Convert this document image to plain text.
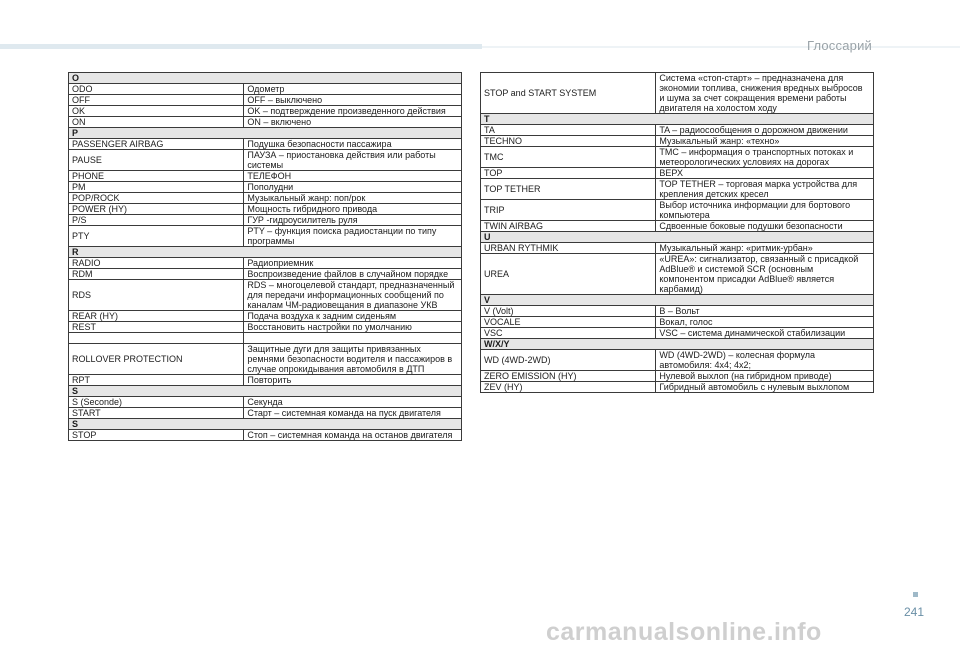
Глоссарий
O	
ODO	Одометр
OFF	OFF – выключено
OK	OK – подтверждение произведенного действия
ON	ON – включено
P	
PASSENGER AIRBAG	Подушка безопасности пассажира
PAUSE	ПАУЗА – приостановка действия или работы системы
PHONE	ТЕЛЕФОН
PM	Пополудни
POP/ROCK	Музыкальный жанр: поп/рок
POWER (HY)	Мощность гибридного привода
P/S	ГУР -гидроусилитель руля
PTY	PTY – функция поиска радиостанции по типу программы
R	
RADIO	Радиоприемник
RDM	Воспроизведение файлов в случайном порядке
RDS	RDS – многоцелевой стандарт, предназначенный для передачи информационных сообщений по каналам ЧМ-радиовещания в диапазоне УКВ
REAR (HY)	Подача воздуха к задним сиденьям
REST	Восстановить настройки по умолчанию

ROLLOVER PROTECTION	Защитные дуги для защиты привязанных ремнями безопасности водителя и пассажиров в случае опрокидывания автомобиля в ДТП
RPT	Повторить
S	
S (Seconde)	Секунда
START	Старт – системная команда на пуск двигателя
S	
STOP	Стоп – системная команда на останов двигателя
STOP and START SYSTEM	Система «стоп-старт» – предназначена для экономии топлива, снижения вредных выбросов и шума за счет сокращения времени работы двигателя на холостом ходу
T	
TA	TA – радиосообщения о дорожном движении
TECHNO	Музыкальный жанр: «техно»
TMC	TMC – информация о транспортных потоках и метеорологических условиях на дорогах
TOP	ВЕРХ
TOP TETHER	TOP TETHER – торговая марка устройства для крепления детских кресел
TRIP	Выбор источника информации для бортового компьютера
TWIN AIRBAG	Сдвоенные боковые подушки безопасности
U	
URBAN RYTHMIK	Музыкальный жанр: «ритмик-урбан»
UREA	«UREA»: сигнализатор, связанный с присадкой AdBlue® и системой SCR (основным компонентом присадки AdBlue® является карбамид)
V	
V (Volt)	В – Вольт
VOCALE	Вокал, голос
VSC	VSC – система динамической стабилизации
W/X/Y	
WD (4WD-2WD)	WD (4WD-2WD) – колесная формула автомобиля: 4x4; 4x2;
ZERO EMISSION (HY)	Нулевой выхлоп (на гибридном приводе)
ZEV (HY)	Гибридный автомобиль с нулевым выхлопом
241
carmanualsonline.info
